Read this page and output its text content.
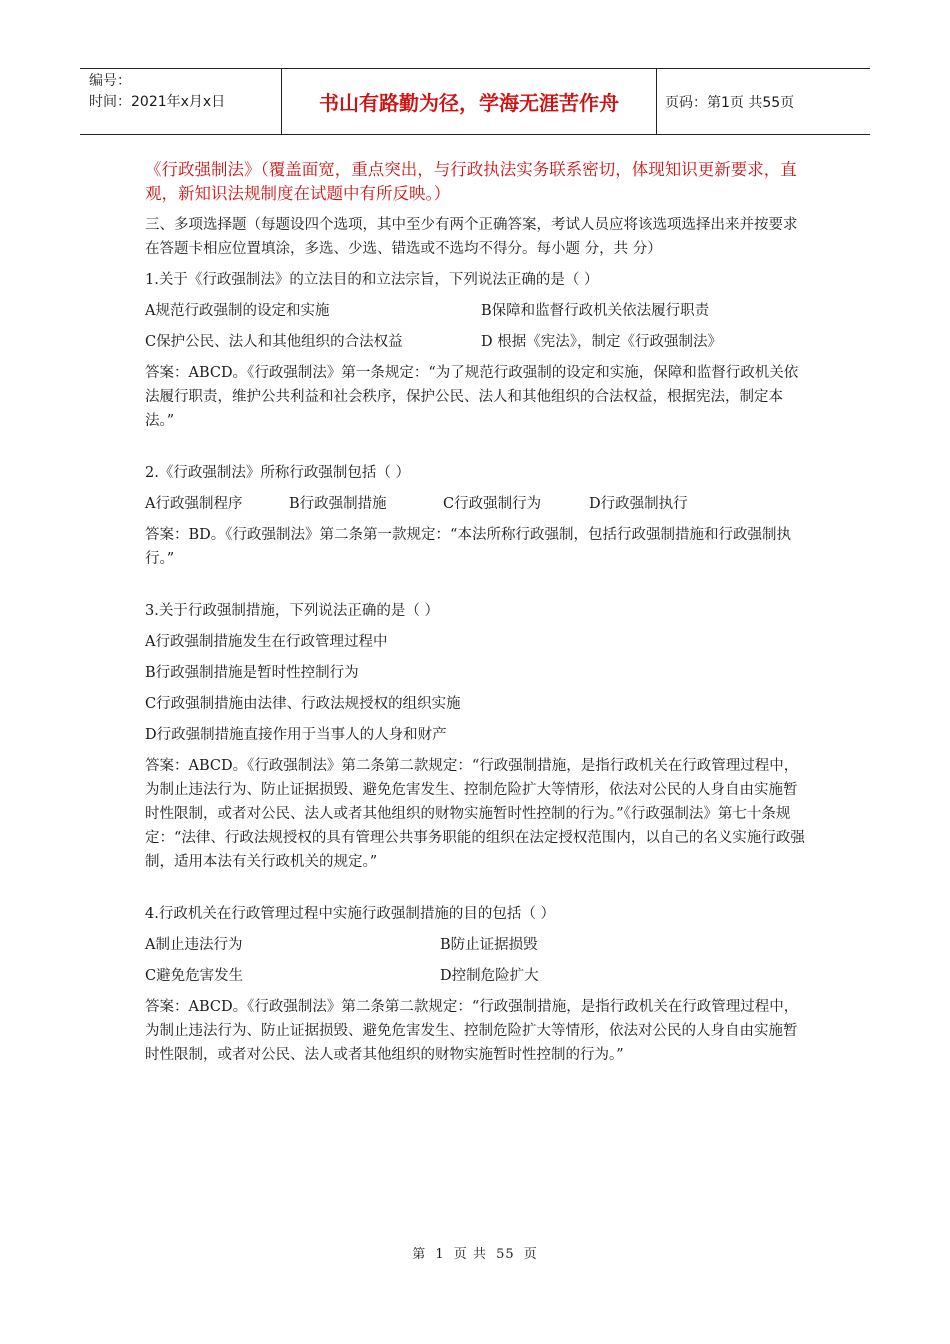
编号：
时间：2021年x月x日	书山有路勤为径，学海无涯苦作舟	页码：第1页 共55页

《行政强制法》（覆盖面宽，重点突出，与行政执法实务联系密切，体现知识更新要求，直观，新知识法规制度在试题中有所反映。）

三、多项选择题（每题设四个选项，其中至少有两个正确答案，考试人员应将该选项选择出来并按要求在答题卡相应位置填涂，多选、少选、错选或不选均不得分。每小题 分，共 分）

1.关于《行政强制法》的立法目的和立法宗旨，下列说法正确的是（ ）

A规范行政强制的设定和实施	B保障和监督行政机关依法履行职责
C保护公民、法人和其他组织的合法权益	D 根据《宪法》，制定《行政强制法》

答案：ABCD。《行政强制法》第一条规定：“为了规范行政强制的设定和实施，保障和监督行政机关依法履行职责，维护公共利益和社会秩序，保护公民、法人和其他组织的合法权益，根据宪法，制定本法。”

2.《行政强制法》所称行政强制包括（ ）

A行政强制程序	B行政强制措施	C行政强制行为	D行政强制执行

答案：BD。《行政强制法》第二条第一款规定：“本法所称行政强制，包括行政强制措施和行政强制执行。”

3.关于行政强制措施，下列说法正确的是（ ）

A行政强制措施发生在行政管理过程中

B行政强制措施是暂时性控制行为

C行政强制措施由法律、行政法规授权的组织实施

D行政强制措施直接作用于当事人的人身和财产

答案：ABCD。《行政强制法》第二条第二款规定：“行政强制措施，是指行政机关在行政管理过程中，为制止违法行为、防止证据损毁、避免危害发生、控制危险扩大等情形，依法对公民的人身自由实施暂时性限制，或者对公民、法人或者其他组织的财物实施暂时性控制的行为。”《行政强制法》第七十条规定：“法律、行政法规授权的具有管理公共事务职能的组织在法定授权范围内，以自己的名义实施行政强制，适用本法有关行政机关的规定。”

4.行政机关在行政管理过程中实施行政强制措施的目的包括（ ）

A制止违法行为	B防止证据损毁
C避免危害发生	D控制危险扩大

答案：ABCD。《行政强制法》第二条第二款规定：“行政强制措施，是指行政机关在行政管理过程中，为制止违法行为、防止证据损毁、避免危害发生、控制危险扩大等情形，依法对公民的人身自由实施暂时性限制，或者对公民、法人或者其他组织的财物实施暂时性控制的行为。”

第 1 页 共 55 页
